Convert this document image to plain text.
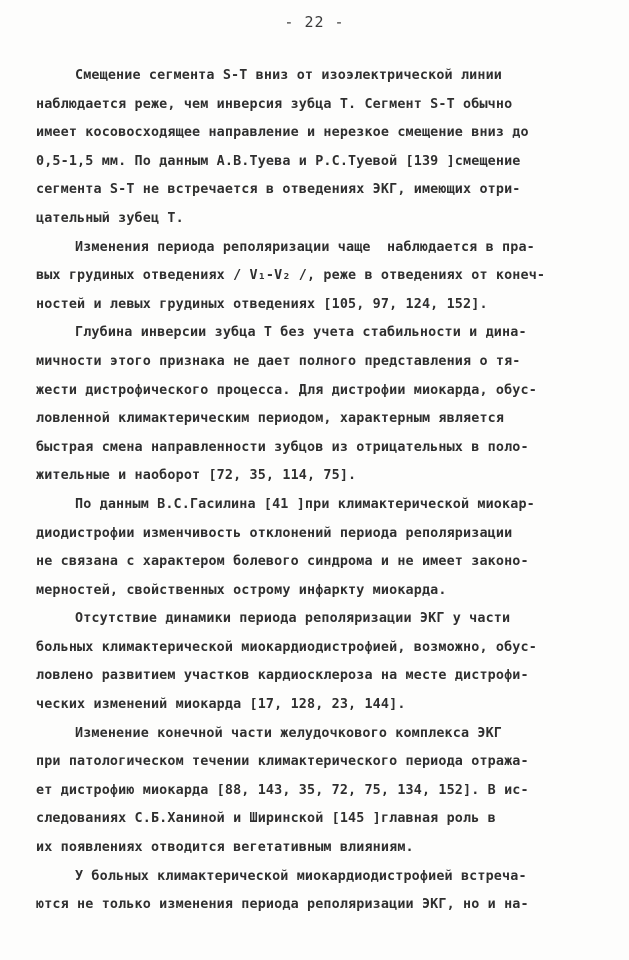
- 22 -
Смещение сегмента S-T вниз от изоэлектрической линии
наблюдается реже, чем инверсия зубца Т. Сегмент S-T обычно
имеет косовосходящее направление и нерезкое смещение вниз до
0,5-1,5 мм. По данным А.В.Туева и Р.С.Туевой [139 ]смещение
сегмента S-T не встречается в отведениях ЭКГ, имеющих отри-
цательный зубец Т.
Изменения периода реполяризации чаще  наблюдается в пра-
вых грудиных отведениях / V₁-V₂ /, реже в отведениях от конеч-
ностей и левых грудиных отведениях [105, 97, 124, 152].
Глубина инверсии зубца Т без учета стабильности и дина-
мичности этого признака не дает полного представления о тя-
жести дистрофического процесса. Для дистрофии миокарда, обус-
ловленной климактерическим периодом, характерным является
быстрая смена направленности зубцов из отрицательных в поло-
жительные и наоборот [72, 35, 114, 75].
По данным В.С.Гасилина [41 ]при климактерической миокар-
диодистрофии изменчивость отклонений периода реполяризации
не связана с характером болевого синдрома и не имеет законо-
мерностей, свойственных острому инфаркту миокарда.
Отсутствие динамики периода реполяризации ЭКГ у части
больных климактерической миокардиодистрофией, возможно, обус-
ловлено развитием участков кардиосклероза на месте дистрофи-
ческих изменений миокарда [17, 128, 23, 144].
Изменение конечной части желудочкового комплекса ЭКГ
при патологическом течении климактерического периода отража-
ет дистрофию миокарда [88, 143, 35, 72, 75, 134, 152]. В ис-
следованиях С.Б.Ханиной и Ширинской [145 ]главная роль в
их появлениях отводится вегетативным влияниям.
У больных климактерической миокардиодистрофией встреча-
ются не только изменения периода реполяризации ЭКГ, но и на-
